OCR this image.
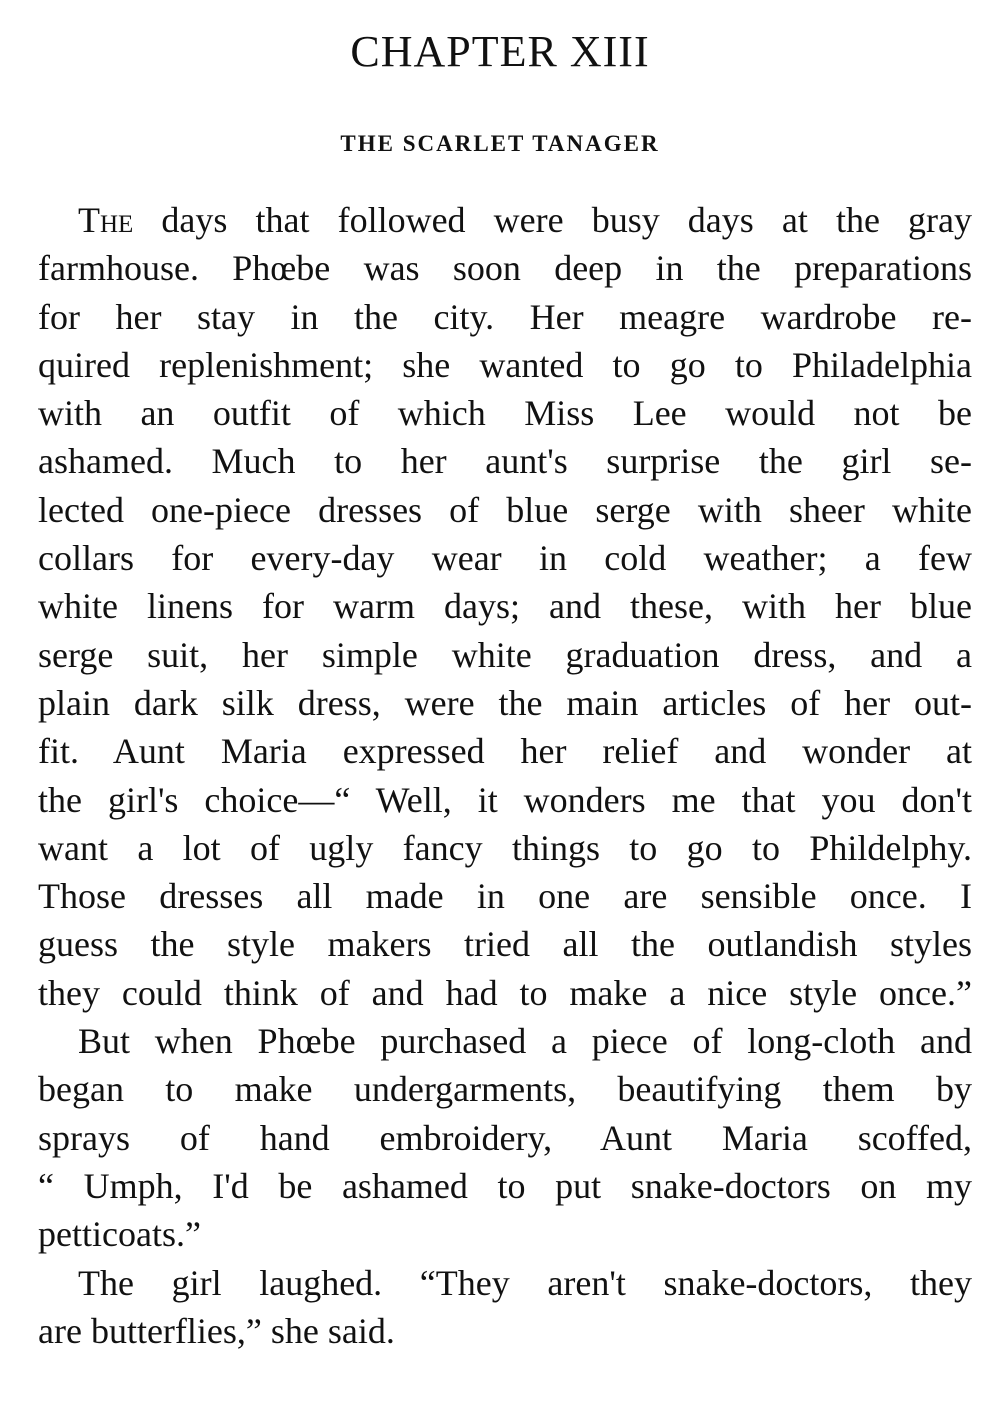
CHAPTER XIII
THE SCARLET TANAGER
The days that followed were busy days at the gray
farmhouse. Phœbe was soon deep in the preparations
for her stay in the city. Her meagre wardrobe re-
quired replenishment; she wanted to go to Philadelphia
with an outfit of which Miss Lee would not be
ashamed. Much to her aunt's surprise the girl se-
lected one-piece dresses of blue serge with sheer white
collars for every-day wear in cold weather; a few
white linens for warm days; and these, with her blue
serge suit, her simple white graduation dress, and a
plain dark silk dress, were the main articles of her out-
fit. Aunt Maria expressed her relief and wonder at
the girl's choice—“ Well, it wonders me that you don't
want a lot of ugly fancy things to go to Phildelphy.
Those dresses all made in one are sensible once. I
guess the style makers tried all the outlandish styles
they could think of and had to make a nice style once.”
But when Phœbe purchased a piece of long-cloth and
began to make undergarments, beautifying them by
sprays of hand embroidery, Aunt Maria scoffed,
“ Umph, I'd be ashamed to put snake-doctors on my
petticoats.”
The girl laughed. “They aren't snake-doctors, they
are butterflies,” she said.
